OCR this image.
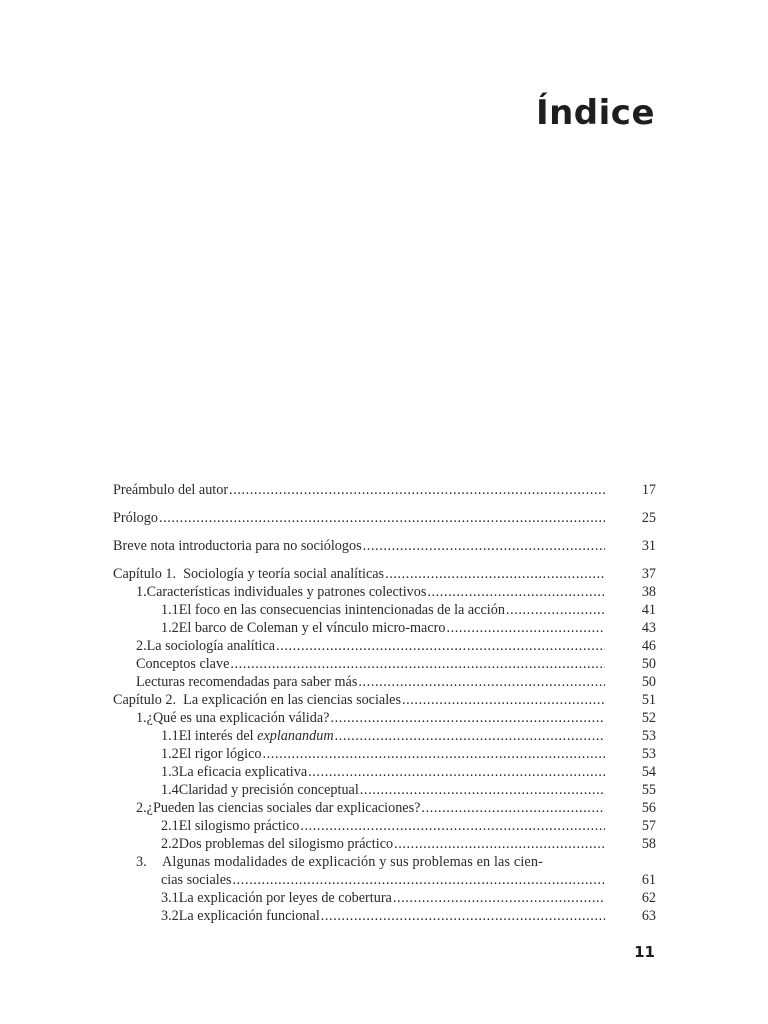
Índice
Preámbulo del autor .....	17
Prólogo .....	25
Breve nota introductoria para no sociólogos .....	31
Capítulo 1.  Sociología y teoría social analíticas .....	37
1. Características individuales y patrones colectivos .....	38
1.1 El foco en las consecuencias inintencionadas de la acción .....	41
1.2 El barco de Coleman y el vínculo micro-macro .....	43
2. La sociología analítica .....	46
Conceptos clave .....	50
Lecturas recomendadas para saber más .....	50
Capítulo 2.  La explicación en las ciencias sociales .....	51
1. ¿Qué es una explicación válida? .....	52
1.1 El interés del explanandum .....	53
1.2 El rigor lógico .....	53
1.3 La eficacia explicativa .....	54
1.4 Claridad y precisión conceptual .....	55
2. ¿Pueden las ciencias sociales dar explicaciones? .....	56
2.1 El silogismo práctico .....	57
2.2 Dos problemas del silogismo práctico .....	58
3.	Algunas modalidades de explicación y sus problemas en las cien-
cias sociales .....	61
3.1 La explicación por leyes de cobertura .....	62
3.2 La explicación funcional .....	63
11
